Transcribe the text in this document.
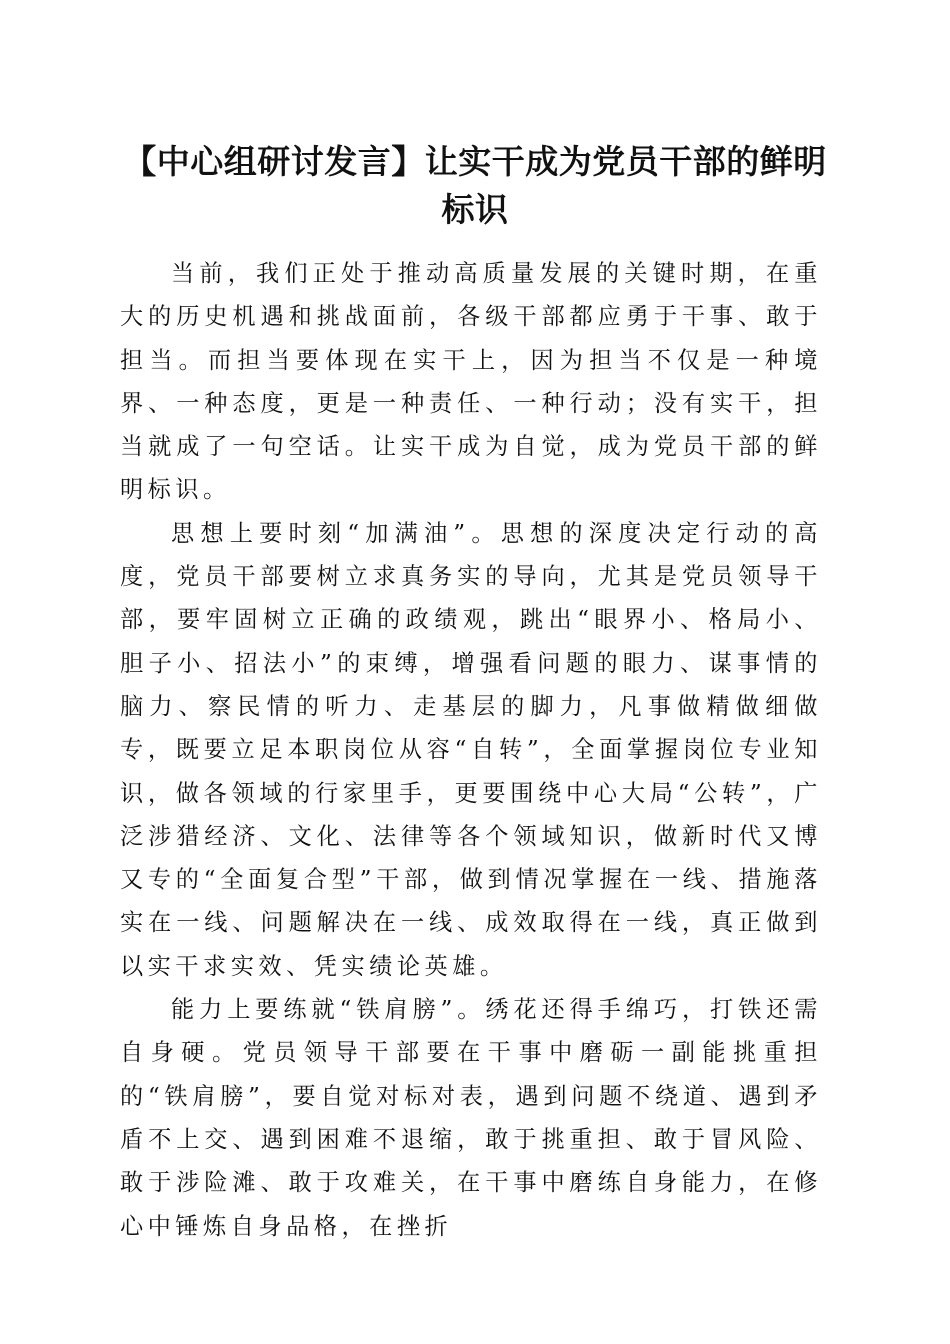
【中心组研讨发言】让实干成为党员干部的鲜明标识

当前，我们正处于推动高质量发展的关键时期，在重大的历史机遇和挑战面前，各级干部都应勇于干事、敢于担当。而担当要体现在实干上，因为担当不仅是一种境界、一种态度，更是一种责任、一种行动；没有实干，担当就成了一句空话。让实干成为自觉，成为党员干部的鲜明标识。

思想上要时刻“加满油”。思想的深度决定行动的高度，党员干部要树立求真务实的导向，尤其是党员领导干部，要牢固树立正确的政绩观，跳出“眼界小、格局小、胆子小、招法小”的束缚，增强看问题的眼力、谋事情的脑力、察民情的听力、走基层的脚力，凡事做精做细做专，既要立足本职岗位从容“自转”，全面掌握岗位专业知识，做各领域的行家里手，更要围绕中心大局“公转”，广泛涉猎经济、文化、法律等各个领域知识，做新时代又博又专的“全面复合型”干部，做到情况掌握在一线、措施落实在一线、问题解决在一线、成效取得在一线，真正做到以实干求实效、凭实绩论英雄。

能力上要练就“铁肩膀”。绣花还得手绵巧，打铁还需自身硬。党员领导干部要在干事中磨砺一副能挑重担的“铁肩膀”，要自觉对标对表，遇到问题不绕道、遇到矛盾不上交、遇到困难不退缩，敢于挑重担、敢于冒风险、敢于涉险滩、敢于攻难关，在干事中磨练自身能力，在修心中锤炼自身品格，在挫折
